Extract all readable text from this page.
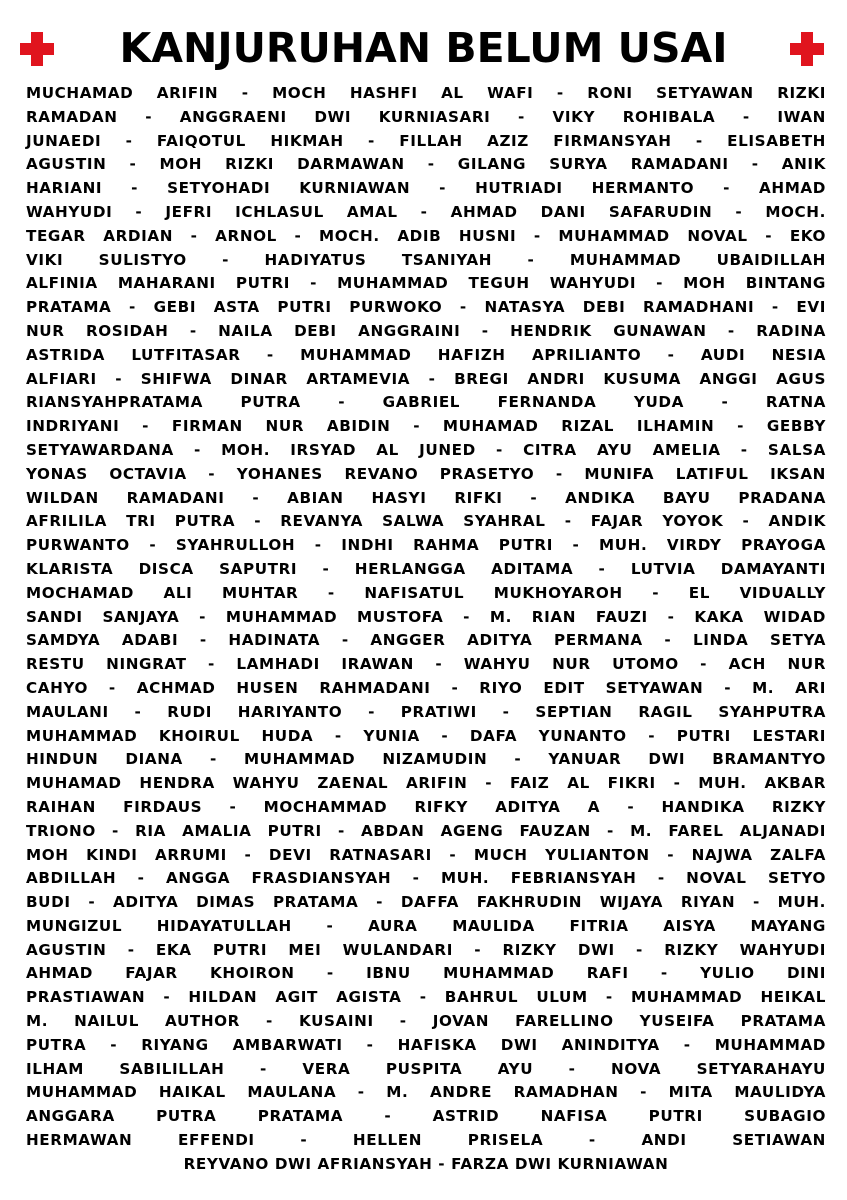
KANJURUHAN BELUM USAI
MUCHAMAD ARIFIN - MOCH HASHFI AL WAFI - RONI SETYAWAN RIZKI
RAMADAN - ANGGRAENI DWI KURNIASARI - VIKY ROHIBALA - IWAN
JUNAEDI - FAIQOTUL HIKMAH - FILLAH AZIZ FIRMANSYAH - ELISABETH
AGUSTIN - MOH RIZKI DARMAWAN - GILANG SURYA RAMADANI - ANIK
HARIANI - SETYOHADI KURNIAWAN - HUTRIADI HERMANTO - AHMAD
WAHYUDI - JEFRI ICHLASUL AMAL - AHMAD DANI SAFARUDIN - MOCH.
TEGAR ARDIAN - ARNOL - MOCH. ADIB HUSNI - MUHAMMAD NOVAL - EKO
VIKI SULISTYO - HADIYATUS TSANIYAH - MUHAMMAD UBAIDILLAH
ALFINIA MAHARANI PUTRI - MUHAMMAD TEGUH WAHYUDI - MOH BINTANG
PRATAMA - GEBI ASTA PUTRI PURWOKO - NATASYA DEBI RAMADHANI - EVI
NUR ROSIDAH - NAILA DEBI ANGGRAINI - HENDRIK GUNAWAN - RADINA
ASTRIDA LUTFITASAR - MUHAMMAD HAFIZH APRILIANTO - AUDI NESIA
ALFIARI - SHIFWA DINAR ARTAMEVIA - BREGI ANDRI KUSUMA ANGGI AGUS
RIANSYAHPRATAMA PUTRA - GABRIEL FERNANDA YUDA - RATNA
INDRIYANI - FIRMAN NUR ABIDIN - MUHAMAD RIZAL ILHAMIN - GEBBY
SETYAWARDANA - MOH. IRSYAD AL JUNED - CITRA AYU AMELIA - SALSA
YONAS OCTAVIA - YOHANES REVANO PRASETYO - MUNIFA LATIFUL IKSAN
WILDAN RAMADANI - ABIAN HASYI RIFKI - ANDIKA BAYU PRADANA
AFRILILA TRI PUTRA - REVANYA SALWA SYAHRAL - FAJAR YOYOK - ANDIK
PURWANTO - SYAHRULLOH - INDHI RAHMA PUTRI - MUH. VIRDY PRAYOGA
KLARISTA DISCA SAPUTRI - HERLANGGA ADITAMA - LUTVIA DAMAYANTI
MOCHAMAD ALI MUHTAR - NAFISATUL MUKHOYAROH - EL VIDUALLY
SANDI SANJAYA - MUHAMMAD MUSTOFA - M. RIAN FAUZI - KAKA WIDAD
SAMDYA ADABI - HADINATA - ANGGER ADITYA PERMANA - LINDA SETYA
RESTU NINGRAT - LAMHADI IRAWAN - WAHYU NUR UTOMO - ACH NUR
CAHYO - ACHMAD HUSEN RAHMADANI - RIYO EDIT SETYAWAN - M. ARI
MAULANI - RUDI HARIYANTO - PRATIWI - SEPTIAN RAGIL SYAHPUTRA
MUHAMMAD KHOIRUL HUDA - YUNIA - DAFA YUNANTO - PUTRI LESTARI
HINDUN DIANA - MUHAMMAD NIZAMUDIN - YANUAR DWI BRAMANTYO
MUHAMAD HENDRA WAHYU ZAENAL ARIFIN - FAIZ AL FIKRI - MUH. AKBAR
RAIHAN FIRDAUS - MOCHAMMAD RIFKY ADITYA A - HANDIKA RIZKY
TRIONO - RIA AMALIA PUTRI - ABDAN AGENG FAUZAN - M. FAREL ALJANADI
MOH KINDI ARRUMI - DEVI RATNASARI - MUCH YULIANTON - NAJWA ZALFA
ABDILLAH - ANGGA FRASDIANSYAH - MUH. FEBRIANSYAH - NOVAL SETYO
BUDI - ADITYA DIMAS PRATAMA - DAFFA FAKHRUDIN WIJAYA RIYAN - MUH.
MUNGIZUL HIDAYATULLAH - AURA MAULIDA FITRIA AISYA MAYANG
AGUSTIN - EKA PUTRI MEI WULANDARI - RIZKY DWI - RIZKY WAHYUDI
AHMAD FAJAR KHOIRON - IBNU MUHAMMAD RAFI - YULIO DINI
PRASTIAWAN - HILDAN AGIT AGISTA - BAHRUL ULUM - MUHAMMAD HEIKAL
M. NAILUL AUTHOR - KUSAINI - JOVAN FARELLINO YUSEIFA PRATAMA
PUTRA - RIYANG AMBARWATI - HAFISKA DWI ANINDITYA - MUHAMMAD
ILHAM SABILILLAH - VERA PUSPITA AYU - NOVA SETYARAHAYU
MUHAMMAD HAIKAL MAULANA - M. ANDRE RAMADHAN - MITA MAULIDYA
ANGGARA PUTRA PRATAMA - ASTRID NAFISA PUTRI SUBAGIO
HERMAWAN EFFENDI - HELLEN PRISELA - ANDI SETIAWAN
REYVANO DWI AFRIANSYAH - FARZA DWI KURNIAWAN
